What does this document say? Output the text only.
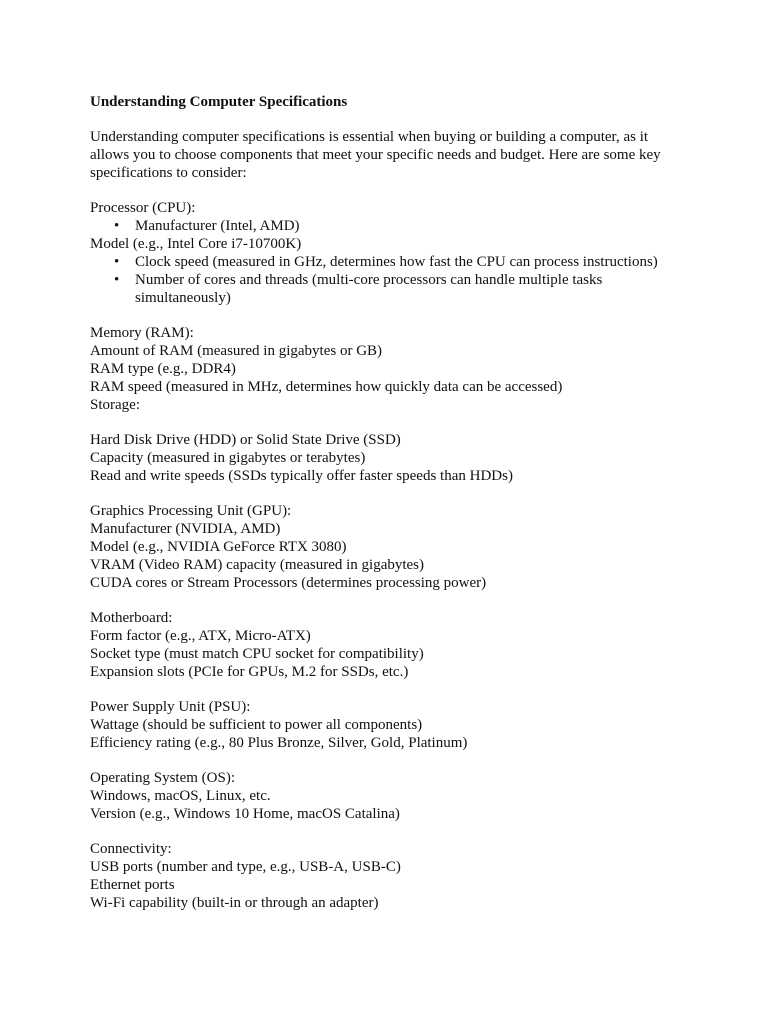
Understanding Computer Specifications
Understanding computer specifications is essential when buying or building a computer, as it allows you to choose components that meet your specific needs and budget. Here are some key specifications to consider:
Processor (CPU):
•	Manufacturer (Intel, AMD)
Model (e.g., Intel Core i7-10700K)
•	Clock speed (measured in GHz, determines how fast the CPU can process instructions)
•	Number of cores and threads (multi-core processors can handle multiple tasks simultaneously)
Memory (RAM):
Amount of RAM (measured in gigabytes or GB)
RAM type (e.g., DDR4)
RAM speed (measured in MHz, determines how quickly data can be accessed)
Storage:
Hard Disk Drive (HDD) or Solid State Drive (SSD)
Capacity (measured in gigabytes or terabytes)
Read and write speeds (SSDs typically offer faster speeds than HDDs)
Graphics Processing Unit (GPU):
Manufacturer (NVIDIA, AMD)
Model (e.g., NVIDIA GeForce RTX 3080)
VRAM (Video RAM) capacity (measured in gigabytes)
CUDA cores or Stream Processors (determines processing power)
Motherboard:
Form factor (e.g., ATX, Micro-ATX)
Socket type (must match CPU socket for compatibility)
Expansion slots (PCIe for GPUs, M.2 for SSDs, etc.)
Power Supply Unit (PSU):
Wattage (should be sufficient to power all components)
Efficiency rating (e.g., 80 Plus Bronze, Silver, Gold, Platinum)
Operating System (OS):
Windows, macOS, Linux, etc.
Version (e.g., Windows 10 Home, macOS Catalina)
Connectivity:
USB ports (number and type, e.g., USB-A, USB-C)
Ethernet ports
Wi-Fi capability (built-in or through an adapter)
